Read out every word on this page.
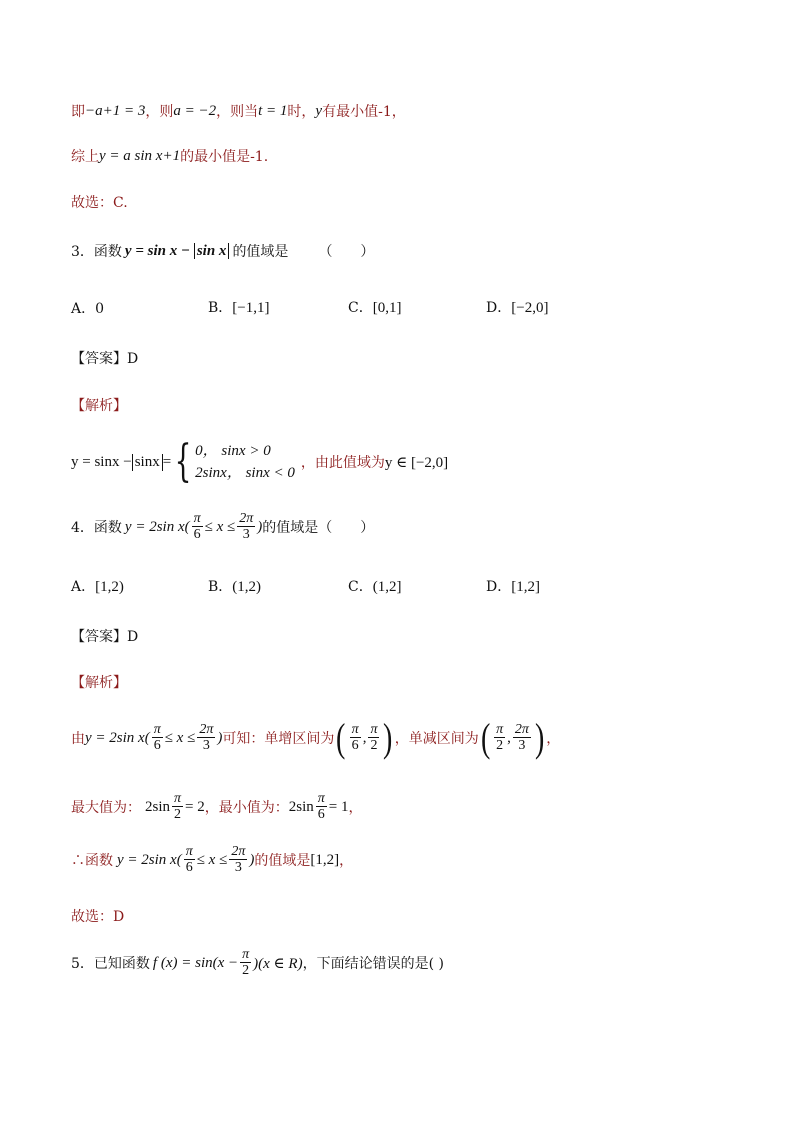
即 −a+1 = 3 ，则 a = −2 ，则当 t = 1 时， y 有最小值-1，
综上 y = a sin x+1 的最小值是-1.
故选：C.
3．函数 y = sin x − sin x 的值域是 （　　）
A．0	B．[−1,1]	C．[0,1]	D．[−2,0]
【答案】D
【解析】
y = sinx − sinx = { 0， sinx > 0
2sinx， sinx < 0
，由此值域为 y ∈ [−2,0]
4．函数 y = 2sin $x( \frac{\pi}{6} \le x \le \frac{2\pi}{3}$ ) 的值域是（　　）
A．[1,2)	B．(1,2)	C．(1,2]	D．[1,2]
【答案】D
【解析】
由 y = 2sin $x( \frac{\pi}{6} \le x \le \frac{2\pi}{3}$ ) 可知：单增区间为 ( $\frac{\pi}{6}$ , $\frac{\pi}{2}$ ) ，单减区间为 ( $\frac{\pi}{2}$ , $\frac{2\pi}{3}$ ) ，
最大值为： $2\sin \frac{\pi}{2} = 2$ ，最小值为： $2\sin \frac{\pi}{6} = 1$ ，
∴函数 y = 2sin $x( \frac{\pi}{6} \le x \le \frac{2\pi}{3}$ ) 的值域是 [1,2] ，
故选：D
5．已知函数 f $(x) = \sin(x - \frac{\pi}{2} )(x$ ∈ R) ，下面结论错误的是( )
